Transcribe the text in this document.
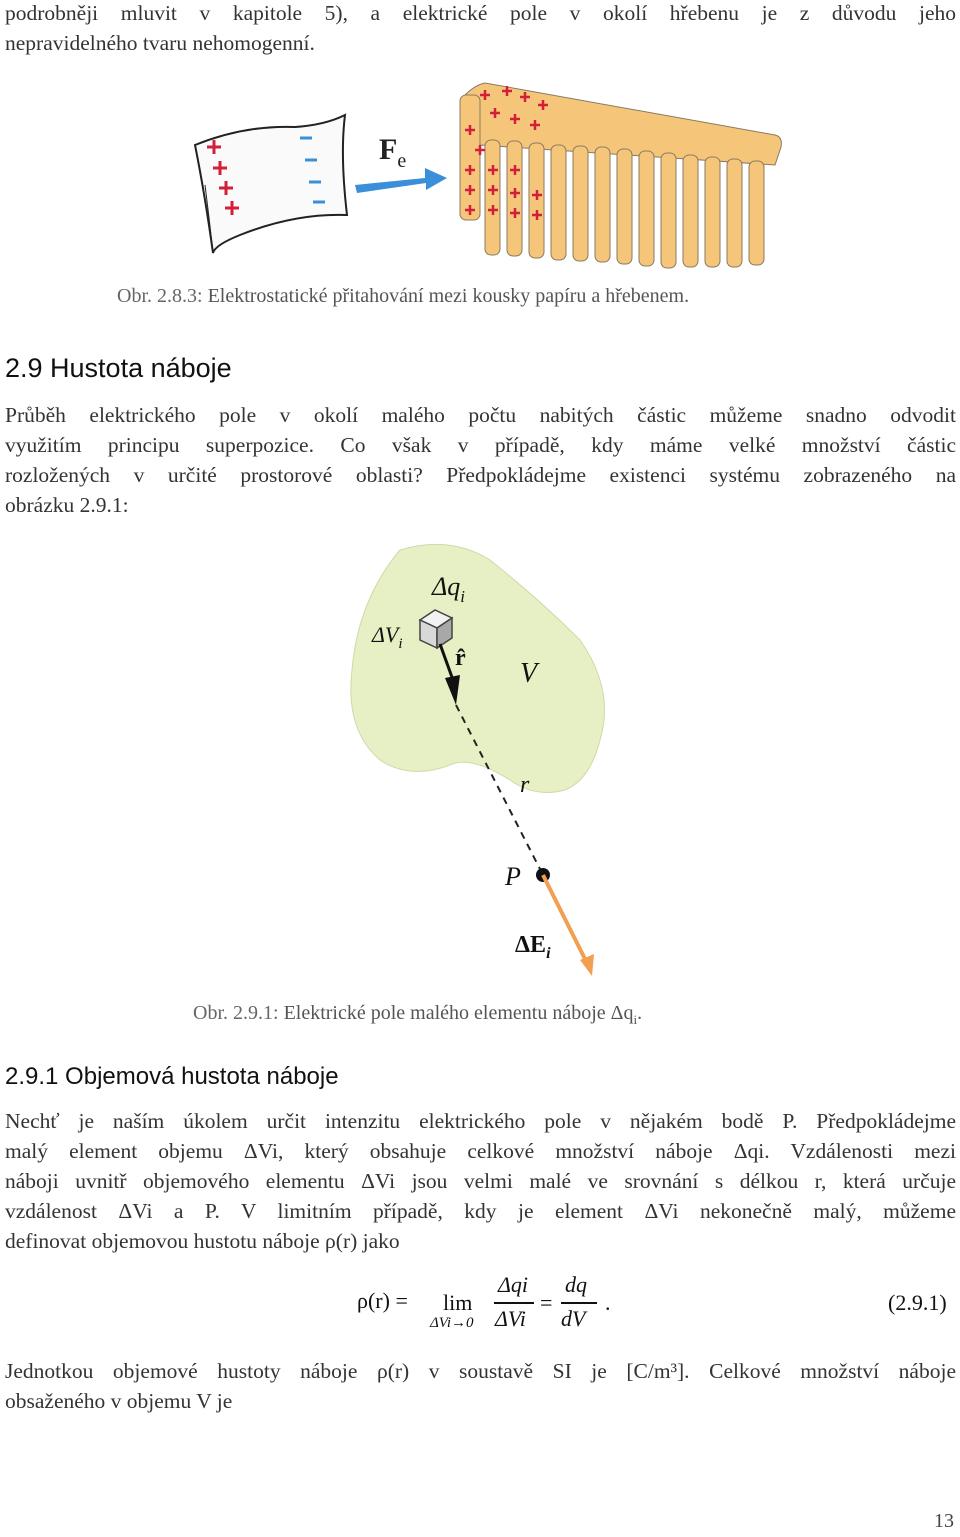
podrobněji mluvit v kapitole 5), a elektrické pole v okolí hřebenu je z důvodu jeho
nepravidelného tvaru nehomogenní.
$F_e$
Obr. 2.8.3: Elektrostatické přitahování mezi kousky papíru a hřebenem.
2.9 Hustota náboje
Průběh elektrického pole v okolí malého počtu nabitých částic můžeme snadno odvodit
využitím principu superpozice. Co však v případě, kdy máme velké množství částic
rozložených v určité prostorové oblasti? Předpokládejme existenci systému zobrazeného na
obrázku 2.9.1:
$\Delta q_i$
$\Delta V_i$
r̂ V
r
P
$\Delta E_i$
Obr. 2.9.1: Elektrické pole malého elementu náboje $\Delta q_i$.
2.9.1 Objemová hustota náboje
Nechť je naším úkolem určit intenzitu elektrického pole v nějakém bodě P. Předpokládejme
malý element objemu ΔVi, který obsahuje celkové množství náboje Δqi. Vzdálenosti mezi
náboji uvnitř objemového elementu ΔVi jsou velmi malé ve srovnání s délkou r, která určuje
vzdálenost ΔVi a P. V limitním případě, kdy je element ΔVi nekonečně malý, můžeme
definovat objemovou hustotu náboje ρ(r) jako
ρ(r) = lim
ΔVi→0
Δqi
ΔVi
=
dq
dV
.	(2.9.1)
Jednotkou objemové hustoty náboje ρ(r) v soustavě SI je [C/m³]. Celkové množství náboje
obsaženého v objemu V je
13
